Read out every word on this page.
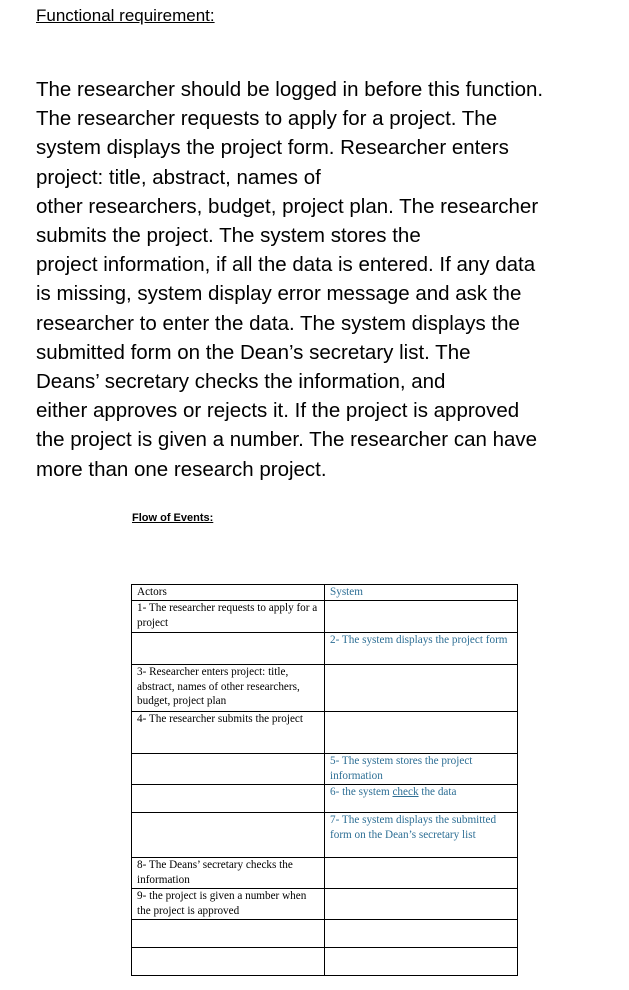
Functional requirement:

The researcher should be logged in before this function.
The researcher requests to apply for a project. The
system displays the project form. Researcher enters
project: title, abstract, names of
other researchers, budget, project plan. The researcher
submits the project. The system stores the
project information, if all the data is entered. If any data
is missing, system display error message and ask the
researcher to enter the data. The system displays the
submitted form on the Dean’s secretary list. The
Deans’ secretary checks the information, and
either approves or rejects it. If the project is approved
the project is given a number. The researcher can have
more than one research project.

Flow of Events:
Actors	System
1- The researcher requests to apply for a project	
	2- The system displays the project form
3- Researcher enters project: title, abstract, names of other researchers, budget, project plan	
4- The researcher submits the project	
	5- The system stores the project information
	6- the system check the data
	7- The system displays the submitted form on the Dean’s secretary list
8- The Deans’ secretary checks the information	
9- the project is given a number when the project is approved	
